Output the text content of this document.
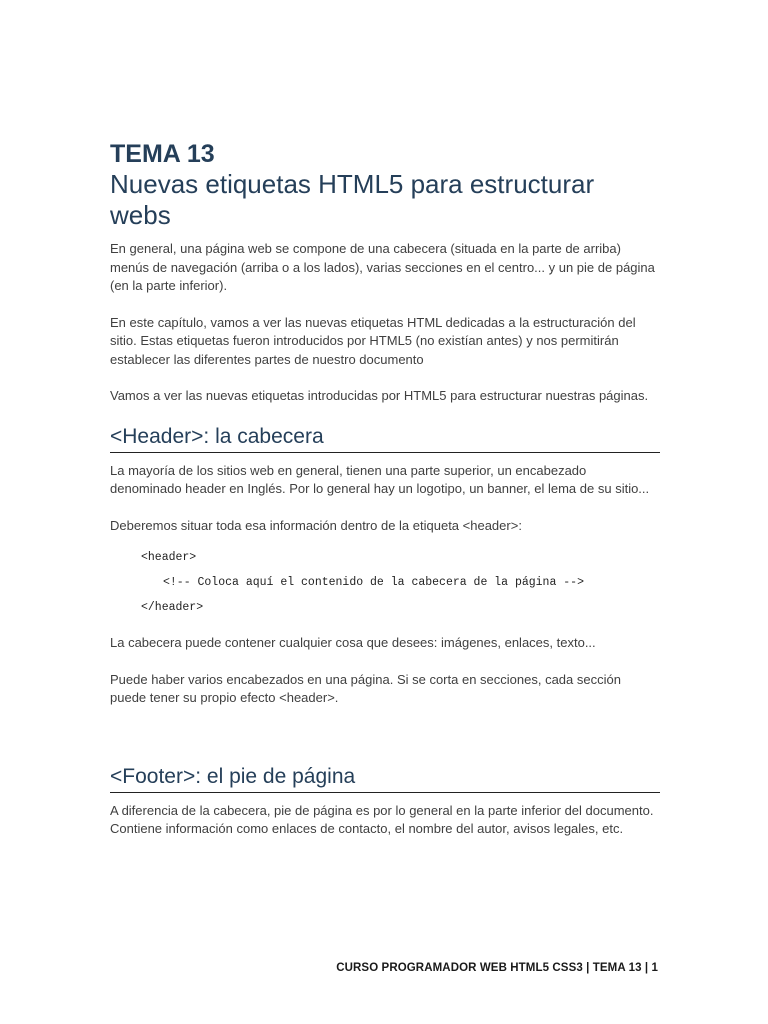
TEMA 13
Nuevas etiquetas HTML5 para estructurar webs

En general, una página web se compone de una cabecera (situada en la parte de arriba) menús de navegación (arriba o a los lados), varias secciones en el centro... y un pie de página (en la parte inferior).

En este capítulo, vamos a ver las nuevas etiquetas HTML dedicadas a la estructuración del sitio. Estas etiquetas fueron introducidos por HTML5 (no existían antes) y nos permitirán establecer las diferentes partes de nuestro documento

Vamos a ver las nuevas etiquetas introducidas por HTML5 para estructurar nuestras páginas.

<Header>: la cabecera

La mayoría de los sitios web en general, tienen una parte superior, un encabezado denominado header en Inglés. Por lo general hay un logotipo, un banner, el lema de su sitio...

Deberemos situar toda esa información dentro de la etiqueta <header>:

<header>
<!-- Coloca aquí el contenido de la cabecera de la página -->
</header>

La cabecera puede contener cualquier cosa que desees: imágenes, enlaces, texto...

Puede haber varios encabezados en una página. Si se corta en secciones, cada sección puede tener su propio efecto <header>.

<Footer>: el pie de página

A diferencia de la cabecera, pie de página es por lo general en la parte inferior del documento. Contiene información como enlaces de contacto, el nombre del autor, avisos legales, etc.

CURSO PROGRAMADOR WEB HTML5 CSS3 | TEMA 13 | 1
